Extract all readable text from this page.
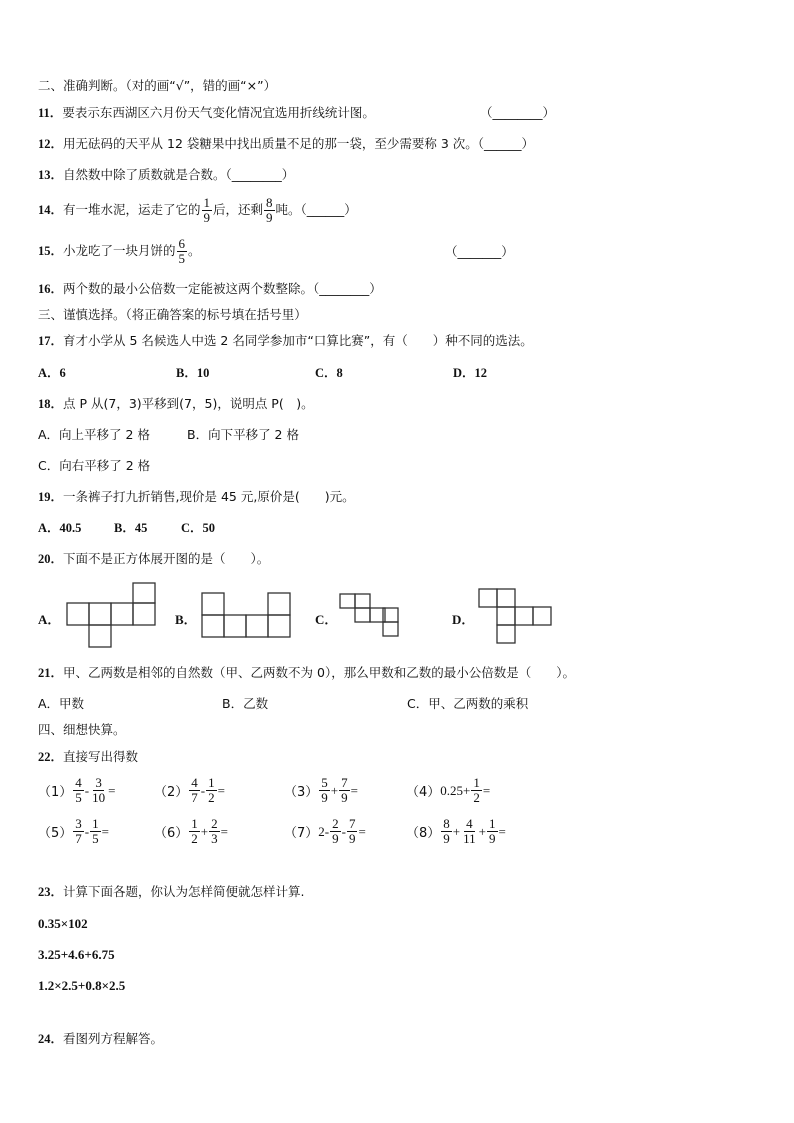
二、准确判断。（对的画“√”，错的画“×”）
11．要表示东西湖区六月份天气变化情况宜选用折线统计图。	（________）
12．用无砝码的天平从 12 袋糖果中找出质量不足的那一袋，至少需要称 3 次。（______）
13．自然数中除了质数就是合数。（________）
14．有一堆水泥，运走了它的 $\frac{1}{9}$ 后，还剩 $\frac{8}{9}$ 吨。（______）
15．小龙吃了一块月饼的 $\frac{6}{5}$ 。	（_______）
16．两个数的最小公倍数一定能被这两个数整除。（________）
三、谨慎选择。（将正确答案的标号填在括号里）
17．育才小学从 5 名候选人中选 2 名同学参加市“口算比赛”，有（　　）种不同的选法。
A．6	B．10	C．8	D．12
18．点 P 从(7，3)平移到(7，5)，说明点 P(　)。
A．向上平移了 2 格	B．向下平移了 2 格
C．向右平移了 2 格
19．一条裤子打九折销售,现价是 45 元,原价是(　　)元。
A．40.5	B．45	C．50
20．下面不是正方体展开图的是（　　）。
A．	B．	C．	D．
21．甲、乙两数是相邻的自然数（甲、乙两数不为 0），那么甲数和乙数的最小公倍数是（　　）。
A．甲数	B．乙数	C．甲、乙两数的乘积
四、细想快算。
22．直接写出得数
$(1) \frac{4}{5} - \frac{3}{10}$ =	$(2) \frac{4}{7} - \frac{1}{2}$ =	$(3) \frac{5}{9} + \frac{7}{9}$ =	（4） $0.25+ \frac{1}{2}$ =
$(5) \frac{3}{7} - \frac{1}{5}$ =	$(6) \frac{1}{2} + \frac{2}{3}$ =	（7） $2- \frac{2}{9} - \frac{7}{9}$ =	$(8) \frac{8}{9} + \frac{4}{11} + \frac{1}{9}$ =
23．计算下面各题，你认为怎样简便就怎样计算.
0.35×102
3.25+4.6+6.75
1.2×2.5+0.8×2.5
24．看图列方程解答。
